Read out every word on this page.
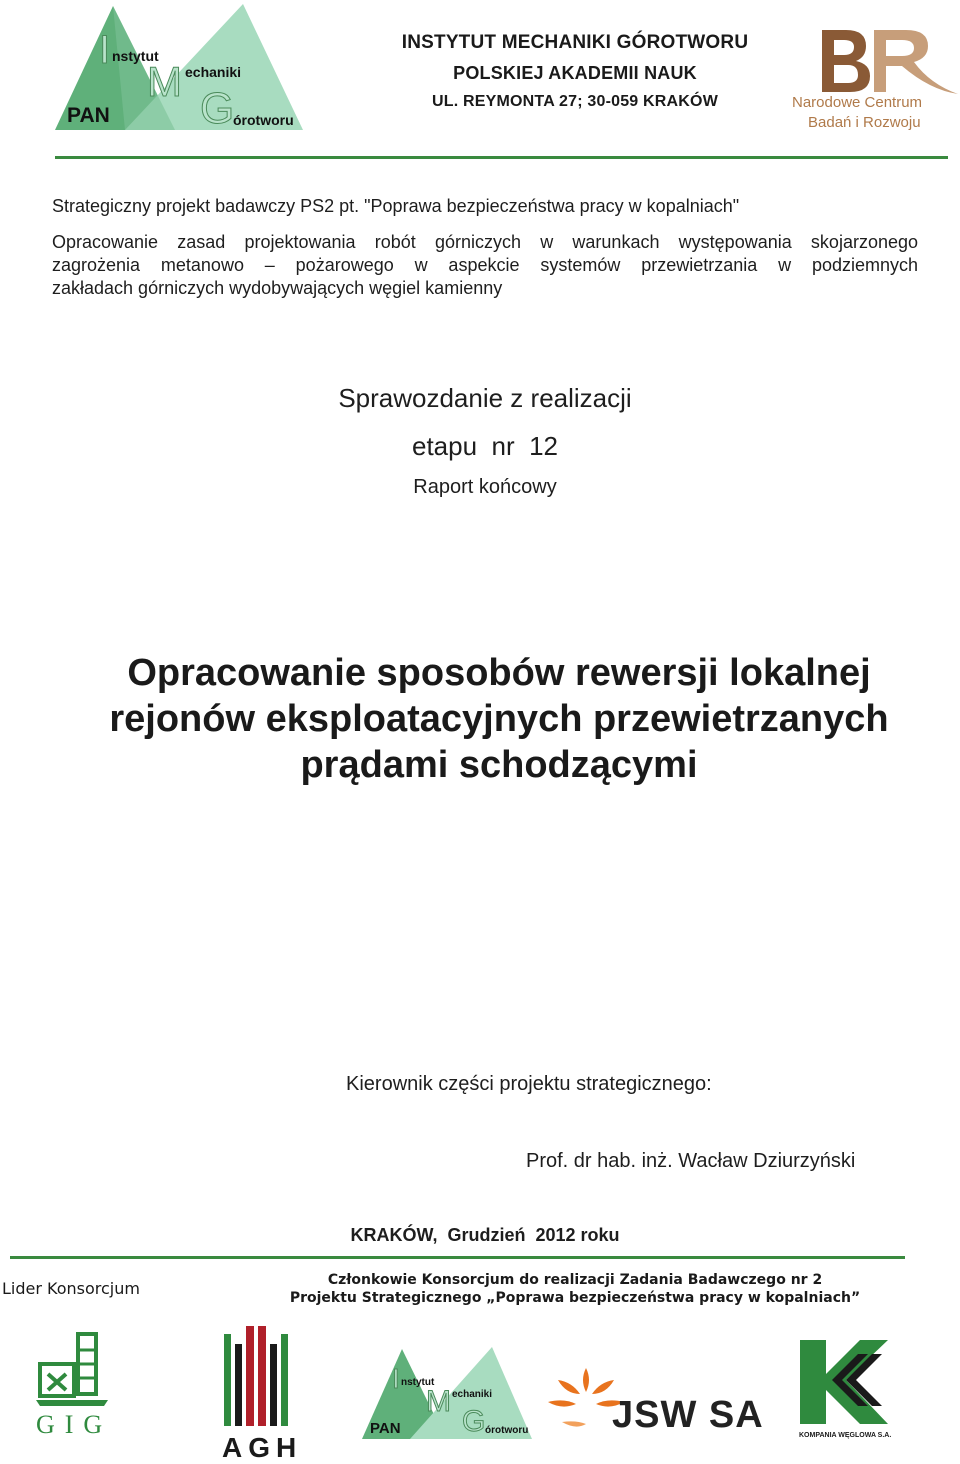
PAN
I nstytut
M echaniki
G
órotworu
INSTYTUT MECHANIKI GÓROTWORU
POLSKIEJ AKADEMII NAUK
UL. REYMONTA 27; 30-059 KRAKÓW	Narodowe Centrum
Badań i Rozwoju
Strategiczny projekt badawczy PS2 pt. "Poprawa bezpieczeństwa pracy w kopalniach"
Opracowanie zasad projektowania robót górniczych w warunkach występowania skojarzonego
zagrożenia metanowo – pożarowego w aspekcie systemów przewietrzania w podziemnych
zakładach górniczych wydobywających węgiel kamienny
Sprawozdanie z realizacji
etapu  nr  12
Raport końcowy
Opracowanie sposobów rewersji lokalnej
rejonów eksploatacyjnych przewietrzanych
prądami schodzącymi
Kierownik części projektu strategicznego:
Prof. dr hab. inż. Wacław Dziurzyński
KRAKÓW,  Grudzień  2012 roku
Lider Konsorcjum	Członkowie Konsorcjum do realizacji Zadania Badawczego nr 2
Projektu Strategicznego „Poprawa bezpieczeństwa pracy w kopalniach”
GIG
AGH
PAN
I nstytut
M echaniki
G órotworu JSW SA	KOMPANIA WĘGLOWA S.A.
